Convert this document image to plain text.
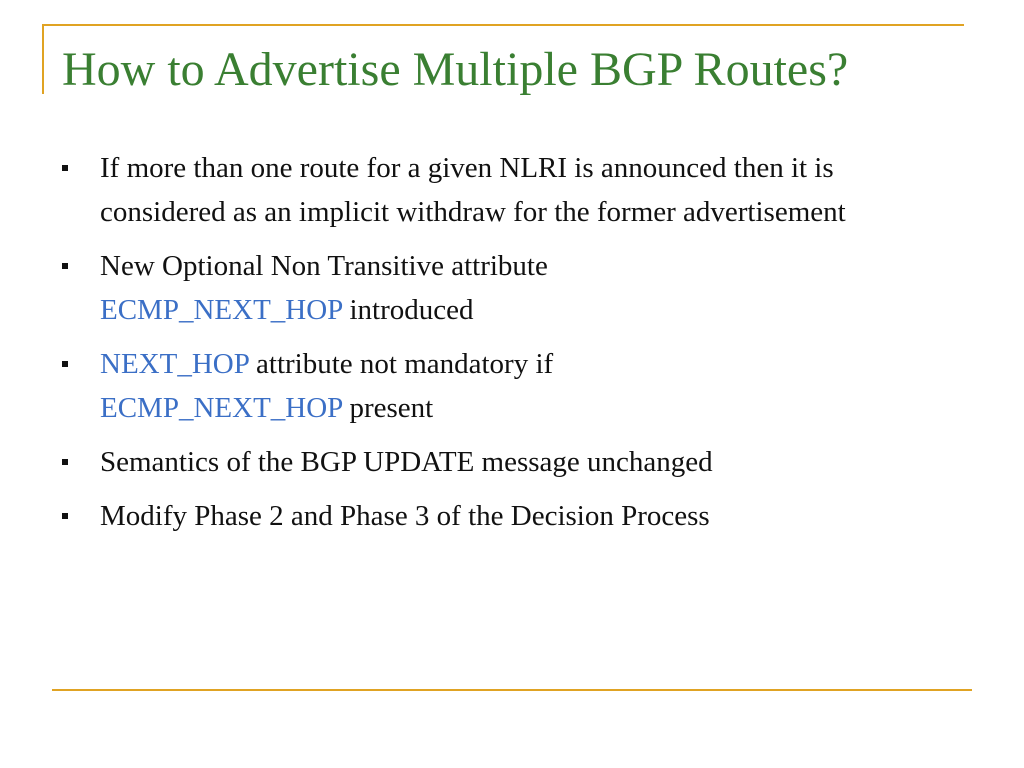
How to Advertise Multiple BGP Routes?
If more than one route for a given NLRI is announced then it is considered as an implicit withdraw for the former advertisement
New Optional Non Transitive attribute
ECMP_NEXT_HOP introduced
NEXT_HOP attribute not mandatory if
ECMP_NEXT_HOP present
Semantics of the BGP UPDATE message unchanged
Modify Phase 2 and Phase 3 of the Decision Process
